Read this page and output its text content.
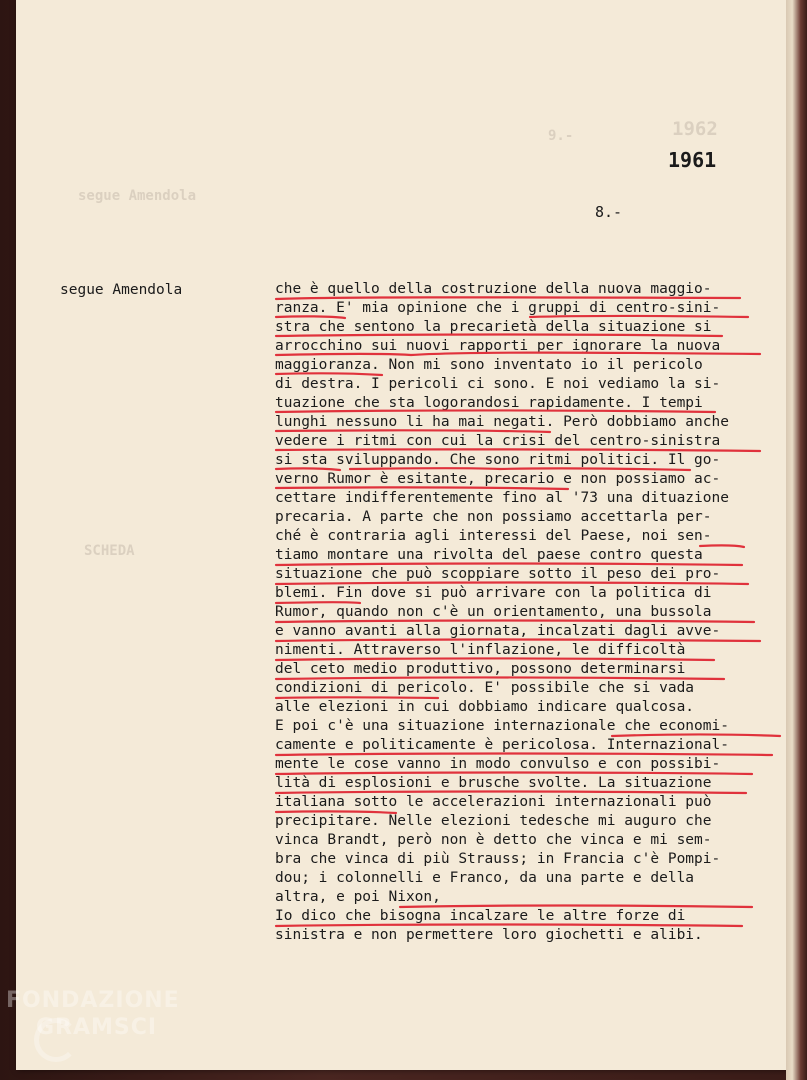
1962
9.-
segue Amendola
SCHEDA
1961
8.-
segue Amendola	che è quello della costruzione della nuova maggio-
ranza. E' mia opinione che i gruppi di centro-sini-
stra che sentono la precarietà della situazione si
arrocchino sui nuovi rapporti per ignorare la nuova
maggioranza. Non mi sono inventato io il pericolo
di destra. I pericoli ci sono. E noi vediamo la si-
tuazione che sta logorandosi rapidamente. I tempi
lunghi nessuno li ha mai negati. Però dobbiamo anche
vedere i ritmi con cui la crisi del centro-sinistra
si sta sviluppando. Che sono ritmi politici. Il go-
verno Rumor è esitante, precario e non possiamo ac-
cettare indifferentemente fino al '73 una dituazione
precaria. A parte che non possiamo accettarla per-
ché è contraria agli interessi del Paese, noi sen-
tiamo montare una rivolta del paese contro questa
situazione che può scoppiare sotto il peso dei pro-
blemi. Fin dove si può arrivare con la politica di
Rumor, quando non c'è un orientamento, una bussola
e vanno avanti alla giornata, incalzati dagli avve-
nimenti. Attraverso l'inflazione, le difficoltà
del ceto medio produttivo, possono determinarsi
condizioni di pericolo. E' possibile che si vada
alle elezioni in cui dobbiamo indicare qualcosa.
E poi c'è una situazione internazionale che economi-
camente e politicamente è pericolosa. Internazional-
mente le cose vanno in modo convulso e con possibi-
lità di esplosioni e brusche svolte. La situazione
italiana sotto le accelerazioni internazionali può
precipitare. Nelle elezioni tedesche mi auguro che
vinca Brandt, però non è detto che vinca e mi sem-
bra che vinca di più Strauss; in Francia c'è Pompi-
dou; i colonnelli e Franco, da una parte e della
altra, e poi Nixon,
Io dico che bisogna incalzare le altre forze di
sinistra e non permettere loro giochetti e alibi.
FONDAZIONE
GRAMSCI
